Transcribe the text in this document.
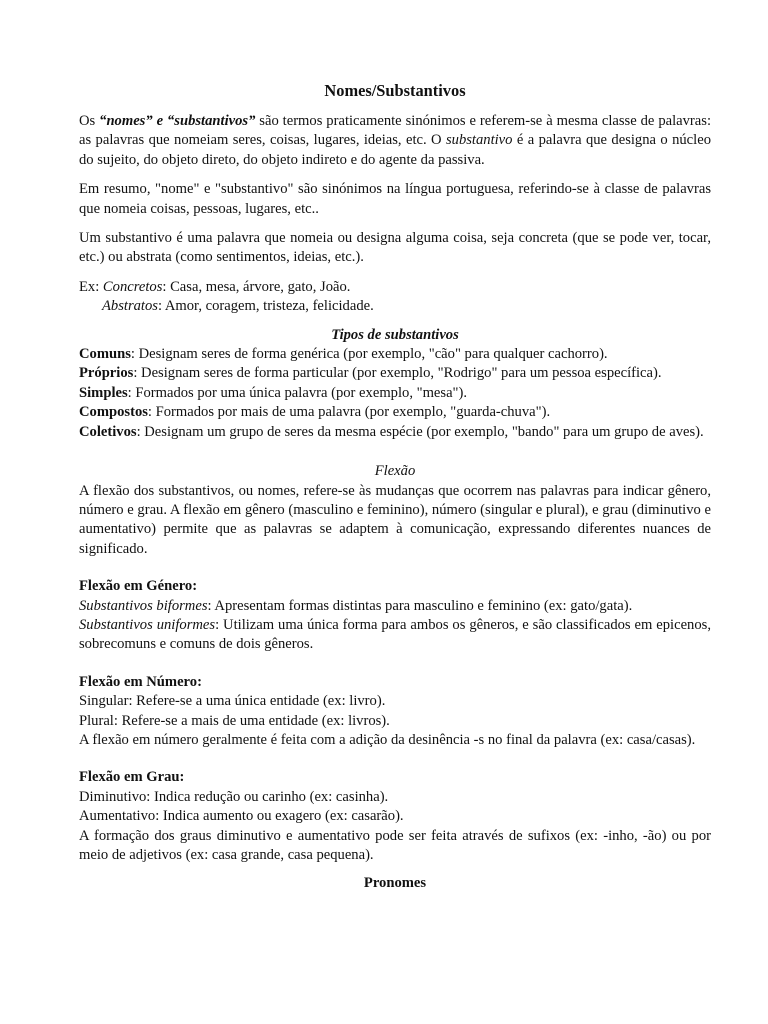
Nomes/Substantivos

Os “nomes” e “substantivos” são termos praticamente sinónimos e referem-se à mesma classe de palavras: as palavras que nomeiam seres, coisas, lugares, ideias, etc. O substantivo é a palavra que designa o núcleo do sujeito, do objeto direto, do objeto indireto e do agente da passiva.

Em resumo, "nome" e "substantivo" são sinónimos na língua portuguesa, referindo-se à classe de palavras que nomeia coisas, pessoas, lugares, etc..

Um substantivo é uma palavra que nomeia ou designa alguma coisa, seja concreta (que se pode ver, tocar, etc.) ou abstrata (como sentimentos, ideias, etc.).

Ex: Concretos: Casa, mesa, árvore, gato, João.

Abstratos: Amor, coragem, tristeza, felicidade.

Tipos de substantivos

Comuns: Designam seres de forma genérica (por exemplo, "cão" para qualquer cachorro).

Próprios: Designam seres de forma particular (por exemplo, "Rodrigo" para um pessoa específica).

Simples: Formados por uma única palavra (por exemplo, "mesa").

Compostos: Formados por mais de uma palavra (por exemplo, "guarda-chuva").

Coletivos: Designam um grupo de seres da mesma espécie (por exemplo, "bando" para um grupo de aves).

Flexão

A flexão dos substantivos, ou nomes, refere-se às mudanças que ocorrem nas palavras para indicar gênero, número e grau. A flexão em gênero (masculino e feminino), número (singular e plural), e grau (diminutivo e aumentativo) permite que as palavras se adaptem à comunicação, expressando diferentes nuances de significado.

Flexão em Género:

Substantivos biformes: Apresentam formas distintas para masculino e feminino (ex: gato/gata).

Substantivos uniformes: Utilizam uma única forma para ambos os gêneros, e são classificados em epicenos, sobrecomuns e comuns de dois gêneros.

Flexão em Número:

Singular: Refere-se a uma única entidade (ex: livro).

Plural: Refere-se a mais de uma entidade (ex: livros).

A flexão em número geralmente é feita com a adição da desinência -s no final da palavra (ex: casa/casas).

Flexão em Grau:

Diminutivo: Indica redução ou carinho (ex: casinha).

Aumentativo: Indica aumento ou exagero (ex: casarão).

A formação dos graus diminutivo e aumentativo pode ser feita através de sufixos (ex: -inho, -ão) ou por meio de adjetivos (ex: casa grande, casa pequena).

Pronomes
